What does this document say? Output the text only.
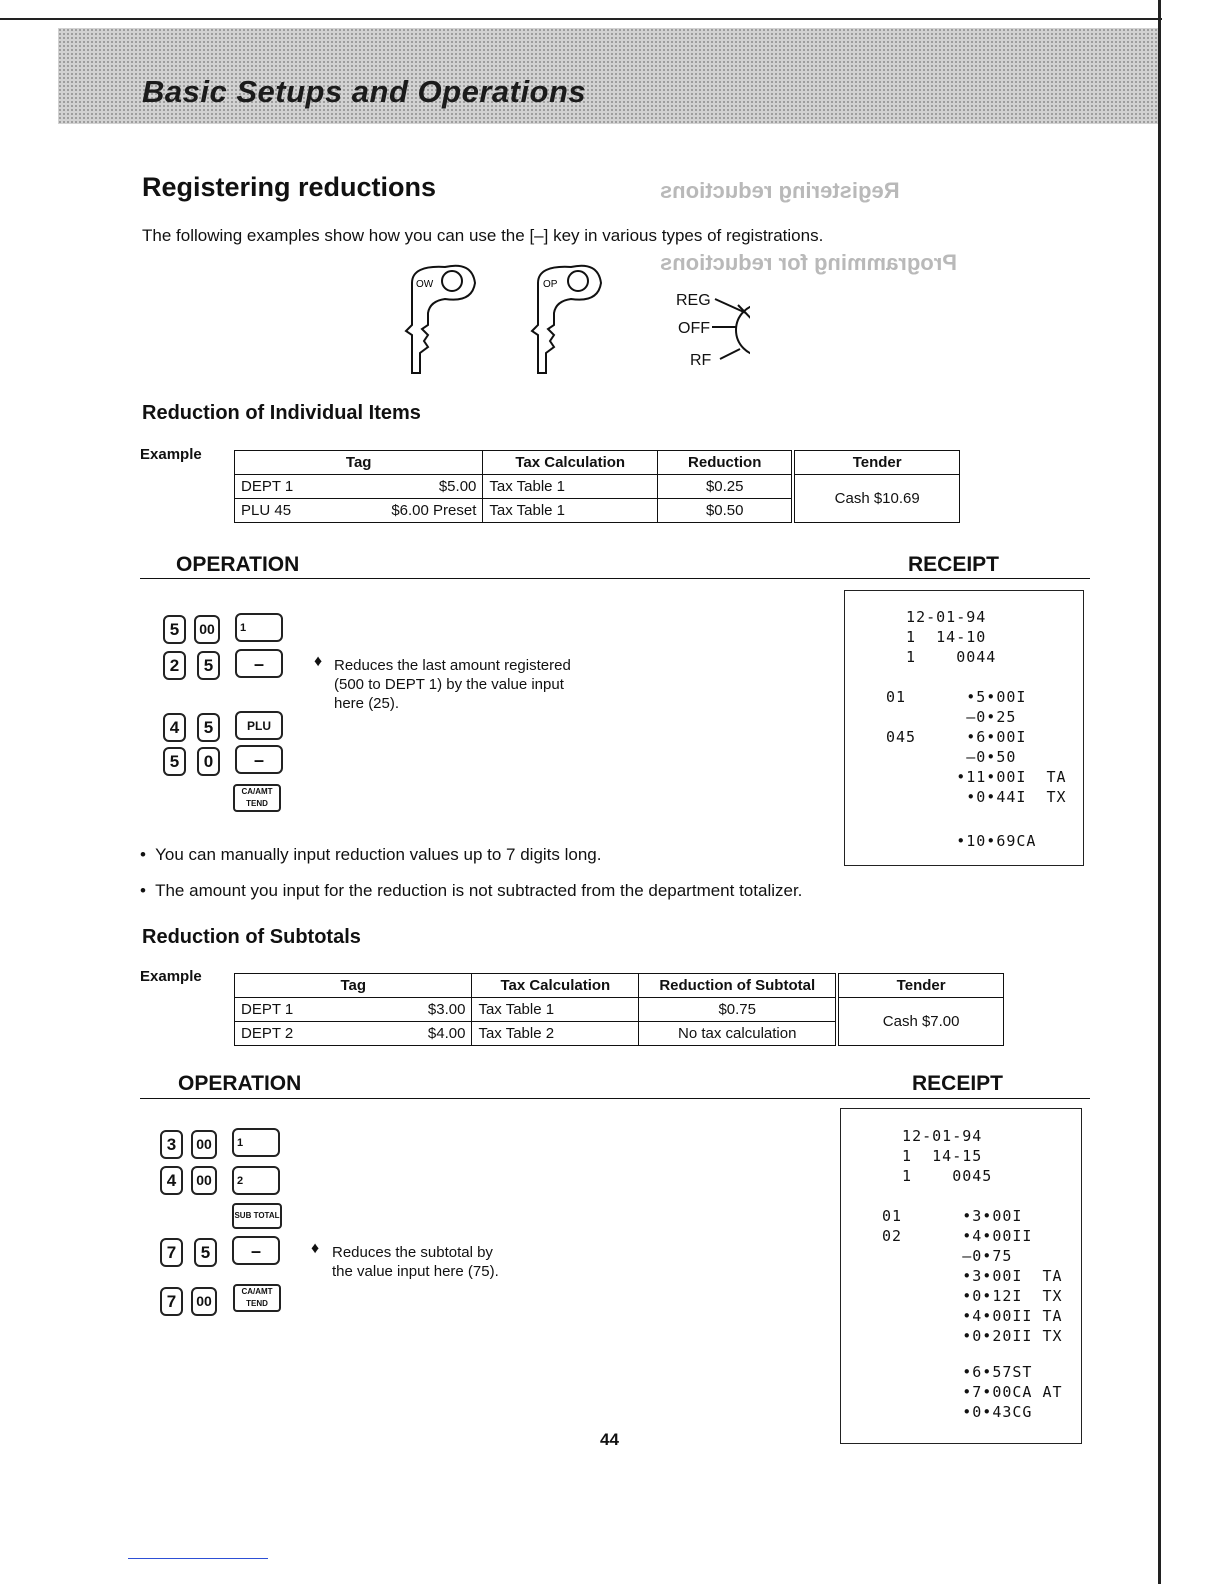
Basic Setups and Operations
Registering reductions
Programming for reductions
Registering reductions
The following examples show how you can use the [–] key in various types of registrations.
OW	OP
REG
OFF
RF
Reduction of Individual Items
Example	Tag	Tax Calculation	Reduction	Tender
DEPT 1 $5.00	Tax Table 1	$0.25	Cash $10.69
PLU 45 $6.00 Preset	Tax Table 1	$0.50	
OPERATION	RECEIPT
5	00	1
2	5	–
4	5	PLU
5	0	–
CA/AMT TEND
♦ Reduces the last amount registered
(500 to DEPT 1) by the value input
here (25).
12-01-94
1  14-10
1    0044
01      •5•00I
–0•25
045     •6•00I
–0•50
•11•00I  TA
•0•44I  TX
•10•69CA
•  You can manually input reduction values up to 7 digits long.
•  The amount you input for the reduction is not subtracted from the department totalizer.
Reduction of Subtotals
Example
Tag	Tax Calculation	Reduction of Subtotal	Tender
DEPT 1 $3.00	Tax Table 1	$0.75	Cash $7.00
DEPT 2 $4.00	Tax Table 2	No tax calculation	
OPERATION	RECEIPT
3	00	1
4	00	2
SUB TOTAL
7	5	–
7	00
CA/AMT TEND
♦ Reduces the subtotal by
the value input here (75).
12-01-94
1  14-15
1    0045
01      •3•00I
02      •4•00II
–0•75
•3•00I  TA
•0•12I  TX
•4•00II TA
•0•20II TX
•6•57ST
•7•00CA AT
•0•43CG
44
